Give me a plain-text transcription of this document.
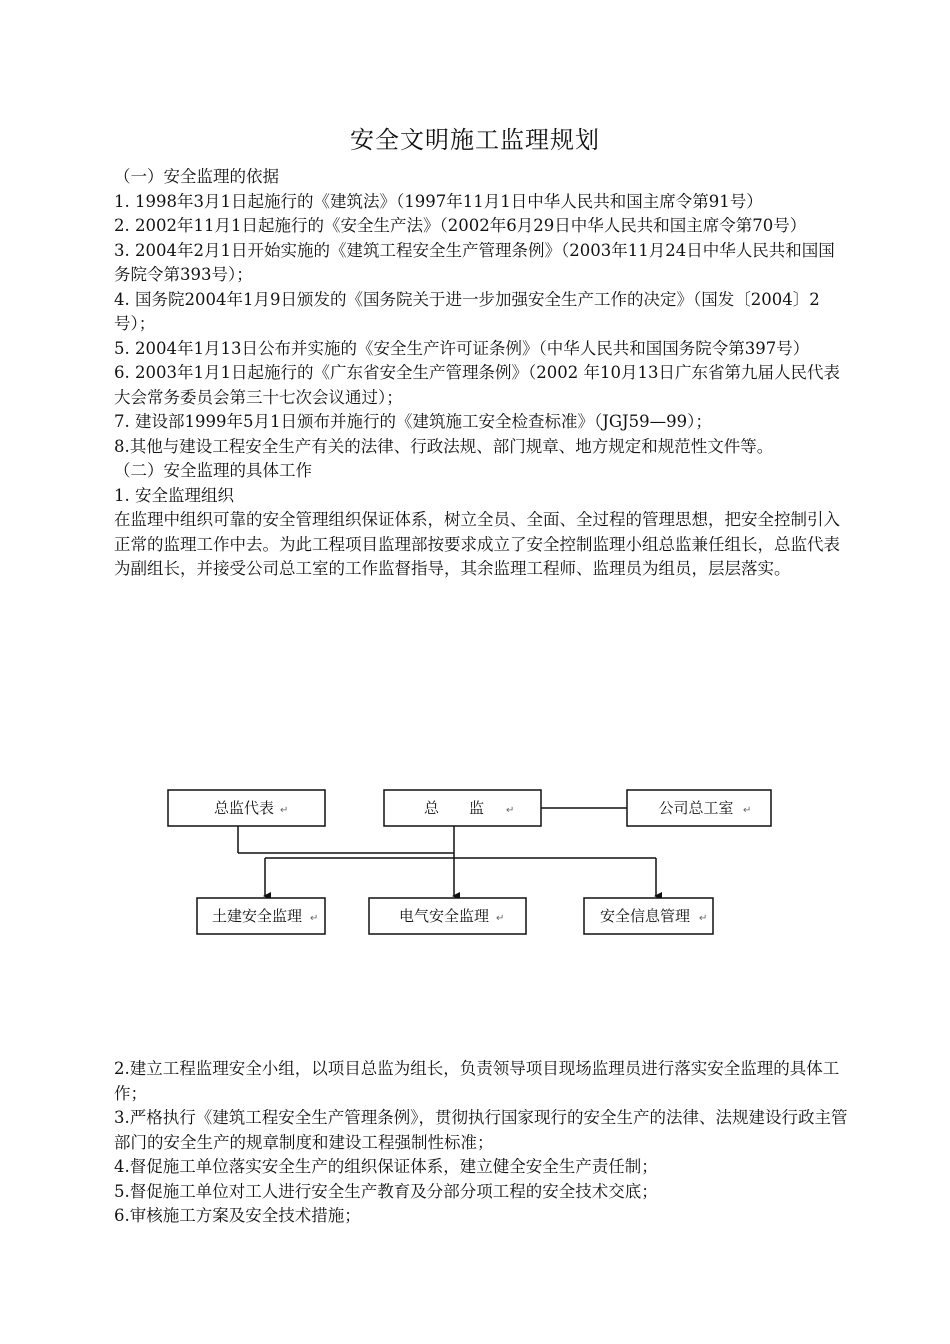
安全文明施工监理规划

（一）安全监理的依据

1. 1998年3月1日起施行的《建筑法》（1997年11月1日中华人民共和国主席令第91号）

2. 2002年11月1日起施行的《安全生产法》（2002年6月29日中华人民共和国主席令第70号）

3. 2004年2月1日开始实施的《建筑工程安全生产管理条例》（2003年11月24日中华人民共和国国务院令第393号）；

4. 国务院2004年1月9日颁发的《国务院关于进一步加强安全生产工作的决定》（国发〔2004〕2号）；

5. 2004年1月13日公布并实施的《安全生产许可证条例》（中华人民共和国国务院令第397号）

6. 2003年1月1日起施行的《广东省安全生产管理条例》（2002 年10月13日广东省第九届人民代表大会常务委员会第三十七次会议通过）；

7. 建设部1999年5月1日颁布并施行的《建筑施工安全检查标准》（JGJ59—99）；

8.其他与建设工程安全生产有关的法律、行政法规、部门规章、地方规定和规范性文件等。

（二）安全监理的具体工作

1. 安全监理组织

在监理中组织可靠的安全管理组织保证体系，树立全员、全面、全过程的管理思想，把安全控制引入正常的监理工作中去。为此工程项目监理部按要求成立了安全控制监理小组总监兼任组长，总监代表为副组长，并接受公司总工室的工作监督指导，其余监理工程师、监理员为组员，层层落实。

总监代表 ↵	总　　监 ↵	公司总工室 ↵
土建安全监理 ↵	电气安全监理 ↵	安全信息管理 ↵

2.建立工程监理安全小组，以项目总监为组长，负责领导项目现场监理员进行落实安全监理的具体工作；

3.严格执行《建筑工程安全生产管理条例》，贯彻执行国家现行的安全生产的法律、法规建设行政主管部门的安全生产的规章制度和建设工程强制性标准；

4.督促施工单位落实安全生产的组织保证体系，建立健全安全生产责任制；

5.督促施工单位对工人进行安全生产教育及分部分项工程的安全技术交底；

6.审核施工方案及安全技术措施；
